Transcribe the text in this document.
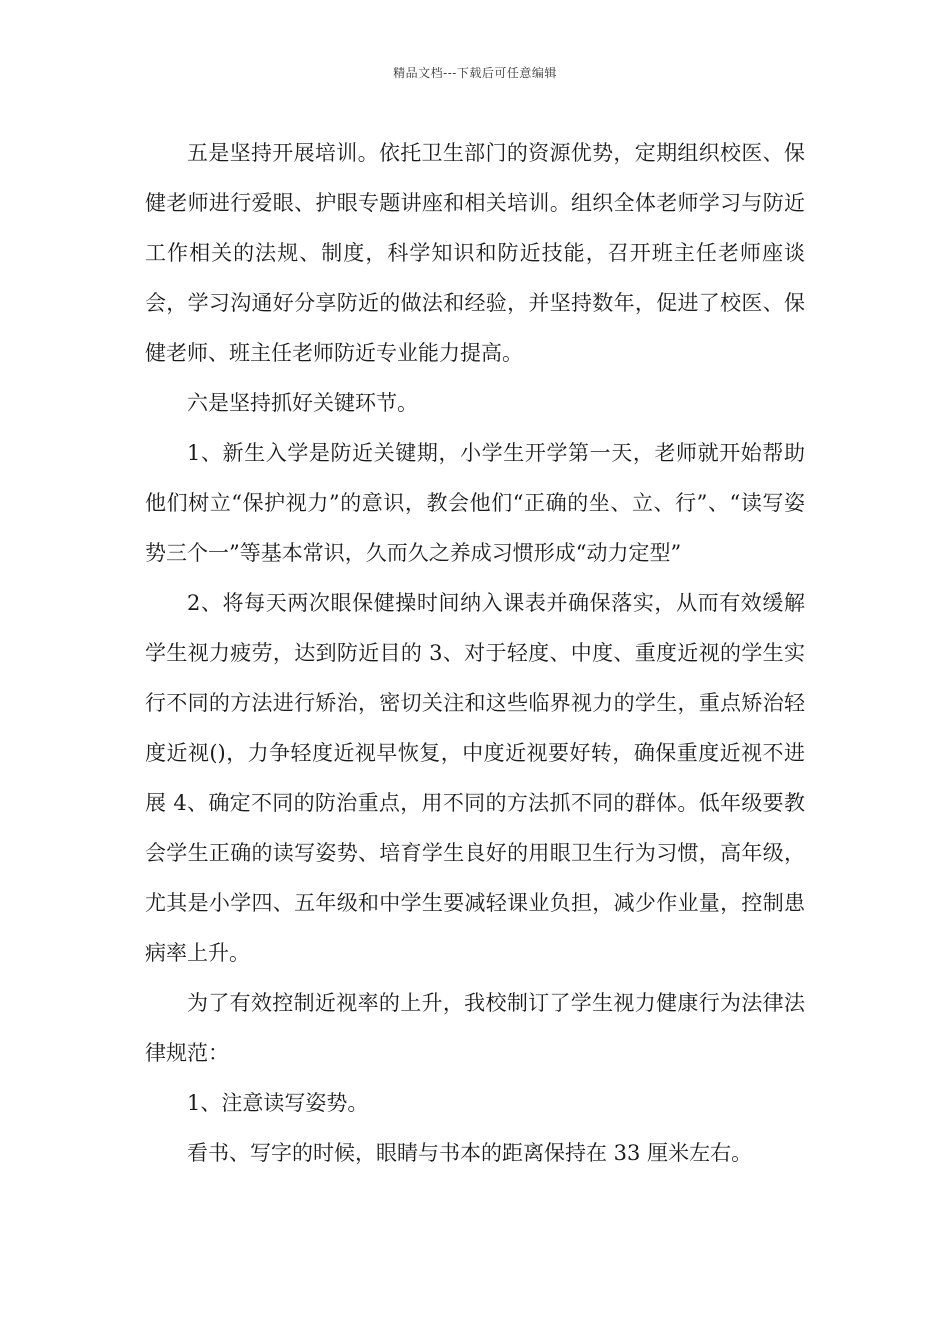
精品文档---下载后可任意编辑

五是坚持开展培训。依托卫生部门的资源优势，定期组织校医、保健老师进行爱眼、护眼专题讲座和相关培训。组织全体老师学习与防近工作相关的法规、制度，科学知识和防近技能，召开班主任老师座谈会，学习沟通好分享防近的做法和经验，并坚持数年，促进了校医、保健老师、班主任老师防近专业能力提高。

六是坚持抓好关键环节。

1、新生入学是防近关键期，小学生开学第一天，老师就开始帮助他们树立“保护视力”的意识，教会他们“正确的坐、立、行”、“读写姿势三个一”等基本常识，久而久之养成习惯形成“动力定型”

2、将每天两次眼保健操时间纳入课表并确保落实，从而有效缓解学生视力疲劳，达到防近目的 3、对于轻度、中度、重度近视的学生实行不同的方法进行矫治，密切关注和这些临界视力的学生，重点矫治轻度近视()，力争轻度近视早恢复，中度近视要好转，确保重度近视不进展 4、确定不同的防治重点，用不同的方法抓不同的群体。低年级要教会学生正确的读写姿势、培育学生良好的用眼卫生行为习惯，高年级，尤其是小学四、五年级和中学生要减轻课业负担，减少作业量，控制患病率上升。

为了有效控制近视率的上升，我校制订了学生视力健康行为法律法律规范：

1、注意读写姿势。

看书、写字的时候，眼睛与书本的距离保持在 33 厘米左右。
